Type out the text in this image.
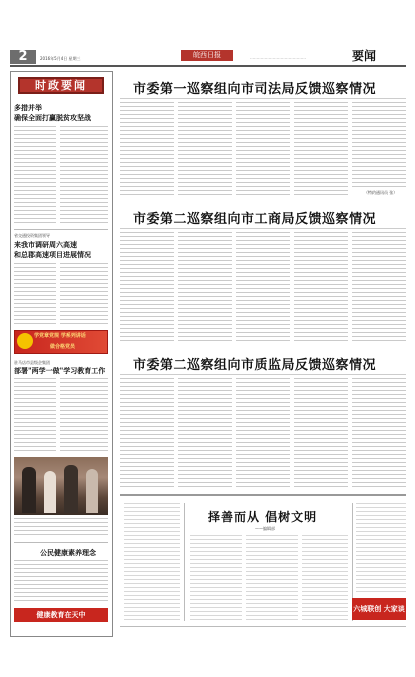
2	2016年5月4日 星期三	皖西日报	……………………………………	要闻
时政要闻
多措并举
确保全面打赢脱贫攻坚战
省交通投资集团领导
来我市调研周六高速
和总郡高速项目进展情况
学党章党规 学系列讲话
做合格党员
驻马店市县级企集团
部署"两学一做"学习教育工作
公民健康素养理念
健康教育在天中
市委第一巡察组向市司法局反馈巡察情况
（特约通讯员 张）
市委第二巡察组向市工商局反馈巡察情况
市委第二巡察组向市质监局反馈巡察情况
择善而从 倡树文明
——编辑部
六城联创 大家谈
